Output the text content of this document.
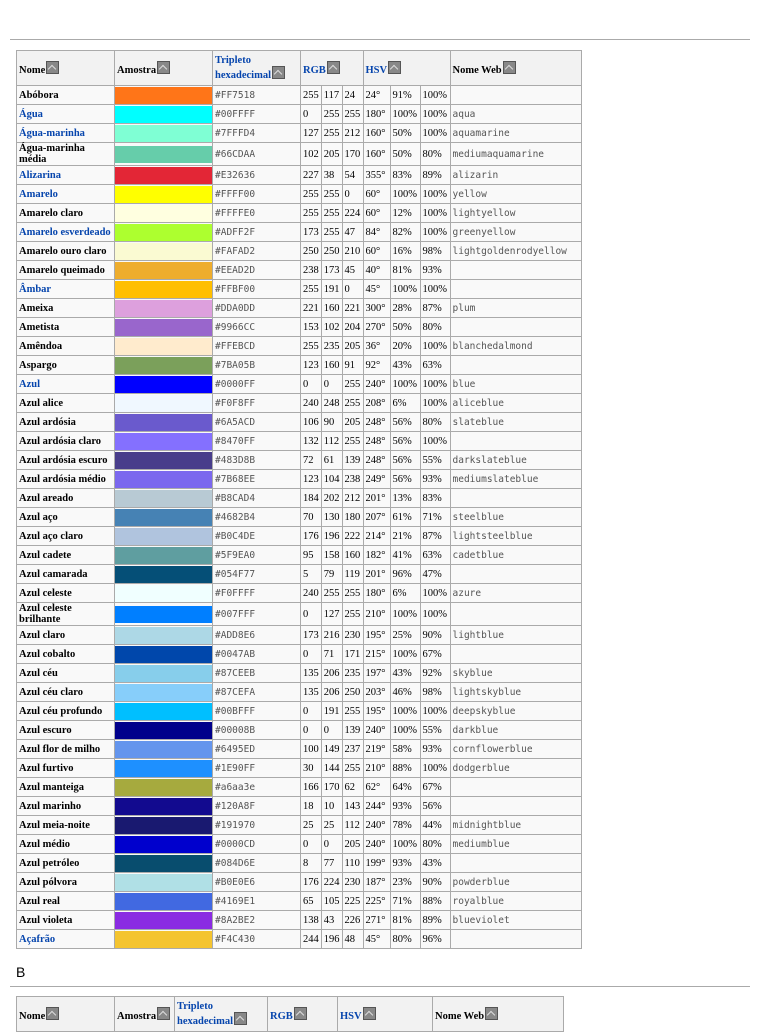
Nome	Amostra	Tripleto hexadecimal	RGB			HSV			Nome Web
Abóbora		#FF7518	255	117	24	24°	91%	100%	
Água		#00FFFF	0	255	255	180°	100%	100%	aqua
Água-marinha		#7FFFD4	127	255	212	160°	50%	100%	aquamarine
Água-marinha média		#66CDAA	102	205	170	160°	50%	80%	mediumaquamarine
Alizarina		#E32636	227	38	54	355°	83%	89%	alizarin
Amarelo		#FFFF00	255	255	0	60°	100%	100%	yellow
Amarelo claro		#FFFFE0	255	255	224	60°	12%	100%	lightyellow
Amarelo esverdeado		#ADFF2F	173	255	47	84°	82%	100%	greenyellow
Amarelo ouro claro		#FAFAD2	250	250	210	60°	16%	98%	lightgoldenrodyellow
Amarelo queimado		#EEAD2D	238	173	45	40°	81%	93%	
Âmbar		#FFBF00	255	191	0	45°	100%	100%	
Ameixa		#DDA0DD	221	160	221	300°	28%	87%	plum
Ametista		#9966CC	153	102	204	270°	50%	80%	
Amêndoa		#FFEBCD	255	235	205	36°	20%	100%	blanchedalmond
Aspargo		#7BA05B	123	160	91	92°	43%	63%	
Azul		#0000FF	0	0	255	240°	100%	100%	blue
Azul alice		#F0F8FF	240	248	255	208°	6%	100%	aliceblue
Azul ardósia		#6A5ACD	106	90	205	248°	56%	80%	slateblue
Azul ardósia claro		#8470FF	132	112	255	248°	56%	100%	
Azul ardósia escuro		#483D8B	72	61	139	248°	56%	55%	darkslateblue
Azul ardósia médio		#7B68EE	123	104	238	249°	56%	93%	mediumslateblue
Azul areado		#B8CAD4	184	202	212	201°	13%	83%	
Azul aço		#4682B4	70	130	180	207°	61%	71%	steelblue
Azul aço claro		#B0C4DE	176	196	222	214°	21%	87%	lightsteelblue
Azul cadete		#5F9EA0	95	158	160	182°	41%	63%	cadetblue
Azul camarada		#054F77	5	79	119	201°	96%	47%	
Azul celeste		#F0FFFF	240	255	255	180°	6%	100%	azure
Azul celeste brilhante		#007FFF	0	127	255	210°	100%	100%	
Azul claro		#ADD8E6	173	216	230	195°	25%	90%	lightblue
Azul cobalto		#0047AB	0	71	171	215°	100%	67%	
Azul céu		#87CEEB	135	206	235	197°	43%	92%	skyblue
Azul céu claro		#87CEFA	135	206	250	203°	46%	98%	lightskyblue
Azul céu profundo		#00BFFF	0	191	255	195°	100%	100%	deepskyblue
Azul escuro		#00008B	0	0	139	240°	100%	55%	darkblue
Azul flor de milho		#6495ED	100	149	237	219°	58%	93%	cornflowerblue
Azul furtivo		#1E90FF	30	144	255	210°	88%	100%	dodgerblue
Azul manteiga		#a6aa3e	166	170	62	62°	64%	67%	
Azul marinho		#120A8F	18	10	143	244°	93%	56%	
Azul meia-noite		#191970	25	25	112	240°	78%	44%	midnightblue
Azul médio		#0000CD	0	0	205	240°	100%	80%	mediumblue
Azul petróleo		#084D6E	8	77	110	199°	93%	43%	
Azul pólvora		#B0E0E6	176	224	230	187°	23%	90%	powderblue
Azul real		#4169E1	65	105	225	225°	71%	88%	royalblue
Azul violeta		#8A2BE2	138	43	226	271°	81%	89%	blueviolet
Açafrão		#F4C430	244	196	48	45°	80%	96%	
B
Nome	Amostra	Tripleto hexadecimal	RGB	HSV	Nome Web
